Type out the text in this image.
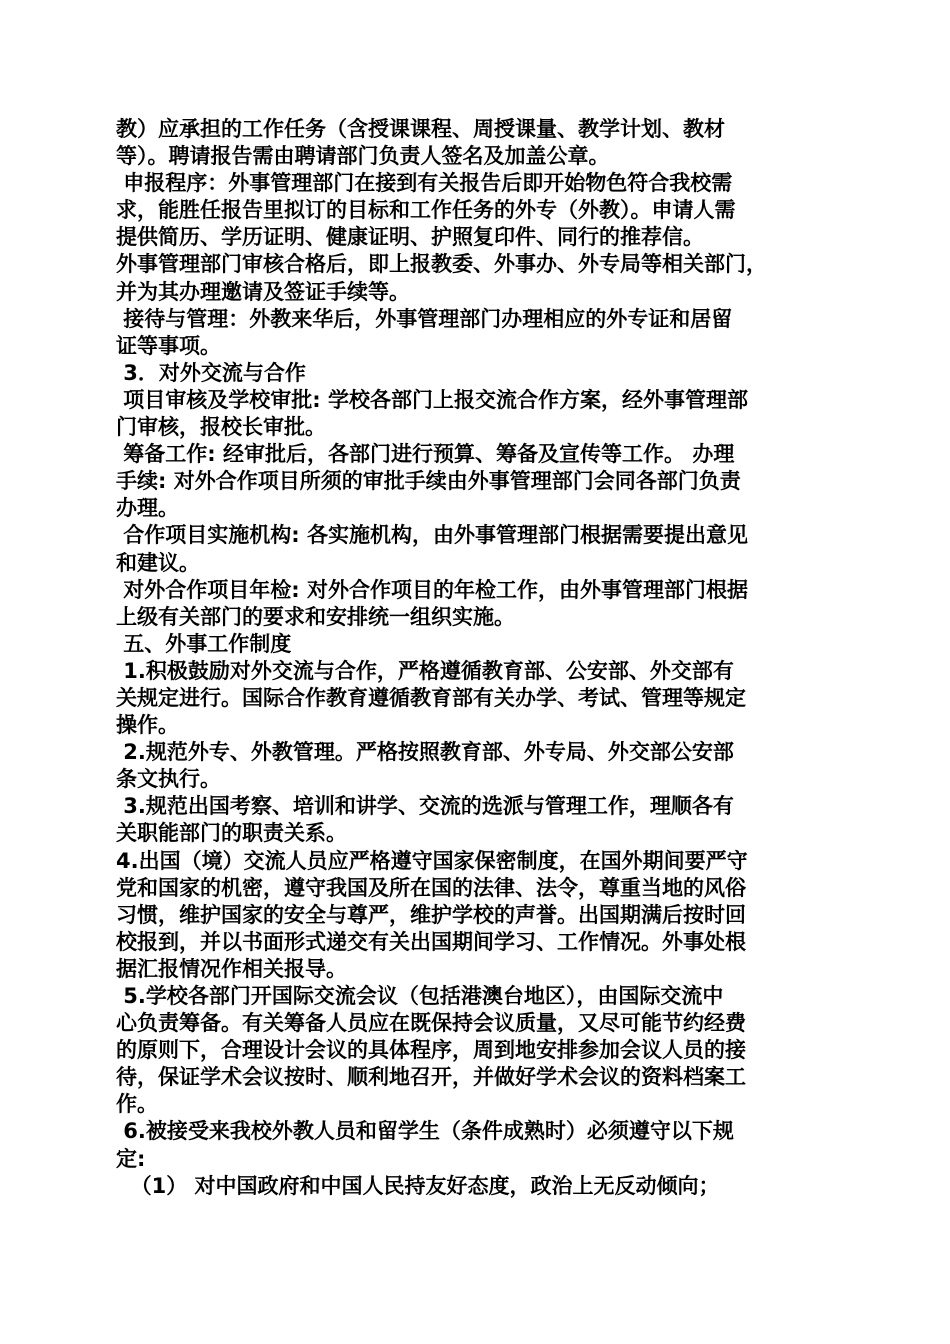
教）应承担的工作任务（含授课课程、周授课量、教学计划、教材
等）。聘请报告需由聘请部门负责人签名及加盖公章。
申报程序：外事管理部门在接到有关报告后即开始物色符合我校需
求，能胜任报告里拟订的目标和工作任务的外专（外教）。申请人需
提供简历、学历证明、健康证明、护照复印件、同行的推荐信。
外事管理部门审核合格后，即上报教委、外事办、外专局等相关部门，
并为其办理邀请及签证手续等。
接待与管理：外教来华后，外事管理部门办理相应的外专证和居留
证等事项。
3．对外交流与合作
项目审核及学校审批: 学校各部门上报交流合作方案，经外事管理部
门审核，报校长审批。
筹备工作: 经审批后，各部门进行预算、筹备及宣传等工作。 办理
手续: 对外合作项目所须的审批手续由外事管理部门会同各部门负责
办理。
合作项目实施机构: 各实施机构，由外事管理部门根据需要提出意见
和建议。
对外合作项目年检: 对外合作项目的年检工作，由外事管理部门根据
上级有关部门的要求和安排统一组织实施。
五、外事工作制度
1.积极鼓励对外交流与合作，严格遵循教育部、公安部、外交部有
关规定进行。国际合作教育遵循教育部有关办学、考试、管理等规定
操作。
2.规范外专、外教管理。严格按照教育部、外专局、外交部公安部
条文执行。
3.规范出国考察、培训和讲学、交流的选派与管理工作，理顺各有
关职能部门的职责关系。
4.出国（境）交流人员应严格遵守国家保密制度，在国外期间要严守
党和国家的机密，遵守我国及所在国的法律、法令，尊重当地的风俗
习惯，维护国家的安全与尊严，维护学校的声誉。出国期满后按时回
校报到，并以书面形式递交有关出国期间学习、工作情况。外事处根
据汇报情况作相关报导。
5.学校各部门开国际交流会议（包括港澳台地区），由国际交流中
心负责筹备。有关筹备人员应在既保持会议质量，又尽可能节约经费
的原则下，合理设计会议的具体程序，周到地安排参加会议人员的接
待，保证学术会议按时、顺利地召开，并做好学术会议的资料档案工
作。
6.被接受来我校外教人员和留学生（条件成熟时）必须遵守以下规
定:
（1） 对中国政府和中国人民持友好态度，政治上无反动倾向；
